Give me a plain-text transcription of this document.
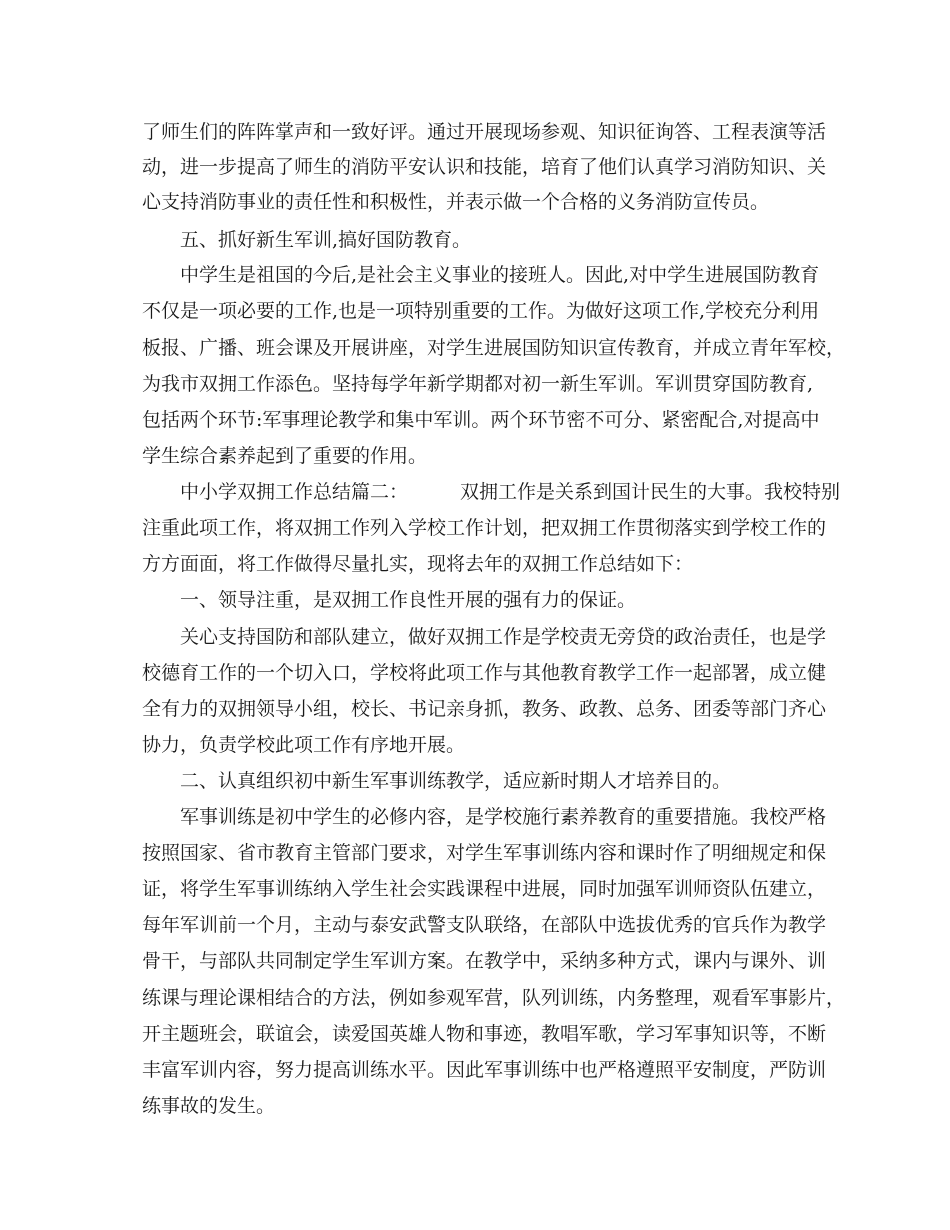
了师生们的阵阵掌声和一致好评。通过开展现场参观、知识征询答、工程表演等活

动，进一步提高了师生的消防平安认识和技能，培育了他们认真学习消防知识、关

心支持消防事业的责任性和积极性，并表示做一个合格的义务消防宣传员。

五、抓好新生军训,搞好国防教育。

中学生是祖国的今后,是社会主义事业的接班人。因此,对中学生进展国防教育

不仅是一项必要的工作,也是一项特别重要的工作。为做好这项工作,学校充分利用

板报、广播、班会课及开展讲座，对学生进展国防知识宣传教育，并成立青年军校，

为我市双拥工作添色。坚持每学年新学期都对初一新生军训。军训贯穿国防教育,

包括两个环节:军事理论教学和集中军训。两个环节密不可分、紧密配合,对提高中

学生综合素养起到了重要的作用。

中小学双拥工作总结篇二：	双拥工作是关系到国计民生的大事。我校特别

注重此项工作，将双拥工作列入学校工作计划，把双拥工作贯彻落实到学校工作的

方方面面，将工作做得尽量扎实，现将去年的双拥工作总结如下：

一、领导注重，是双拥工作良性开展的强有力的保证。

关心支持国防和部队建立，做好双拥工作是学校责无旁贷的政治责任，也是学

校德育工作的一个切入口，学校将此项工作与其他教育教学工作一起部署，成立健

全有力的双拥领导小组，校长、书记亲身抓，教务、政教、总务、团委等部门齐心

协力，负责学校此项工作有序地开展。

二、认真组织初中新生军事训练教学，适应新时期人才培养目的。

军事训练是初中学生的必修内容，是学校施行素养教育的重要措施。我校严格

按照国家、省市教育主管部门要求，对学生军事训练内容和课时作了明细规定和保

证，将学生军事训练纳入学生社会实践课程中进展，同时加强军训师资队伍建立，

每年军训前一个月，主动与泰安武警支队联络，在部队中选拔优秀的官兵作为教学

骨干，与部队共同制定学生军训方案。在教学中，采纳多种方式，课内与课外、训

练课与理论课相结合的方法，例如参观军营，队列训练，内务整理，观看军事影片，

开主题班会，联谊会，读爱国英雄人物和事迹，教唱军歌，学习军事知识等，不断

丰富军训内容，努力提高训练水平。因此军事训练中也严格遵照平安制度，严防训

练事故的发生。
